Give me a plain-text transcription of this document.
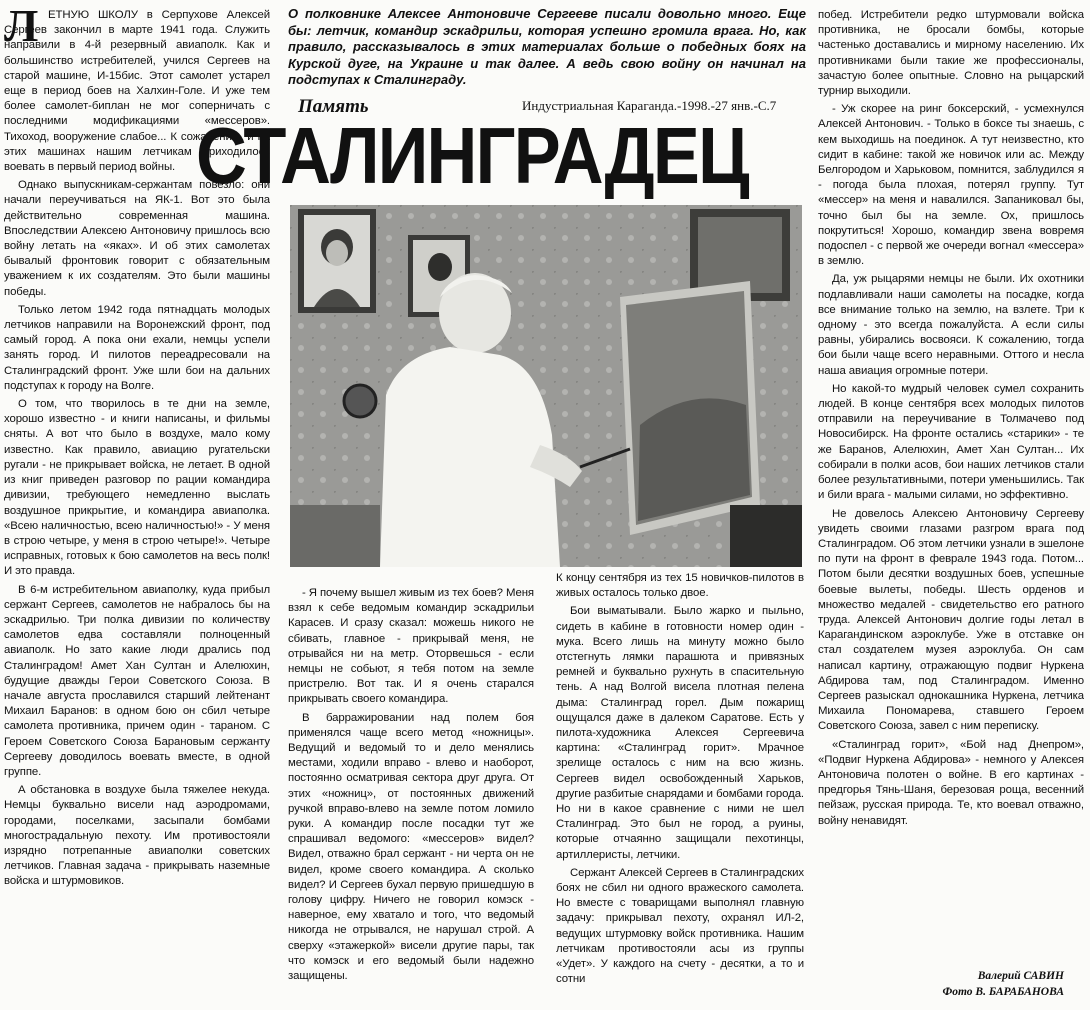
Л ЕТНУЮ ШКОЛУ в Серпухове Алексей Сергеев закончил в марте 1941 года. Служить направили в 4-й резервный авиаполк. Как и большинство истребителей, учился Сергеев на старой машине, И-15бис. Этот самолет устарел еще в период боев на Халхин-Голе. И уже тем более самолет-биплан не мог соперничать с последними модификациями «мессеров». Тихоход, вооружение слабое... К сожалению, и на этих машинах нашим летчикам приходилось воевать в первый период войны.

Однако выпускникам-сержантам повезло: они начали переучиваться на ЯК-1. Вот это была действительно современная машина. Впоследствии Алексею Антоновичу пришлось всю войну летать на «яках». И об этих самолетах бывалый фронтовик говорит с обязательным уважением к их создателям. Это были машины победы.

Только летом 1942 года пятнадцать молодых летчиков направили на Воронежский фронт, под самый город. А пока они ехали, немцы успели занять город. И пилотов переадресовали на Сталинградский фронт. Уже шли бои на дальних подступах к городу на Волге.

О том, что творилось в те дни на земле, хорошо известно - и книги написаны, и фильмы сняты. А вот что было в воздухе, мало кому известно. Как правило, авиацию ругательски ругали - не прикрывает войска, не летает. В одной из книг приведен разговор по рации командира дивизии, требующего немедленно выслать воздушное прикрытие, и командира авиаполка. «Всею наличностью, всею наличностью!» - У меня в строю четыре, у меня в строю четыре!». Четыре исправных, готовых к бою самолетов на весь полк! И это правда.

В 6-м истребительном авиаполку, куда прибыл сержант Сергеев, самолетов не набралось бы на эскадрилью. Три полка дивизии по количеству самолетов едва составляли полноценный авиаполк. Но зато какие люди дрались под Сталинградом! Амет Хан Султан и Алелюхин, будущие дважды Герои Советского Союза. В начале августа прославился старший лейтенант Михаил Баранов: в одном бою он сбил четыре самолета противника, причем один - тараном. С Героем Советского Союза Барановым сержанту Сергееву доводилось воевать вместе, в одной группе.

А обстановка в воздухе была тяжелее некуда. Немцы буквально висели над аэродромами, городами, поселками, засыпали бомбами многострадальную пехоту. Им противостояли изрядно потрепанные авиаполки советских летчиков. Главная задача - прикрывать наземные войска и штурмовиков.

О полковнике Алексее Антоновиче Сергееве писали довольно много. Еще бы: летчик, командир эскадрильи, которая успешно громила врага. Но, как правило, рассказывалось в этих материалах больше о победных боях на Курской дуге, на Украине и так далее. А ведь свою войну он начинал на подступах к Сталинграду.
Память	Индустриальная Караганда.-1998.-27 янв.-С.7
СТАЛИНГРАДЕЦ

- Я почему вышел живым из тех боев? Меня взял к себе ведомым командир эскадрильи Карасев. И сразу сказал: можешь никого не сбивать, главное - прикрывай меня, не отрывайся ни на метр. Оторвешься - если немцы не собьют, я тебя потом на земле пристрелю. Вот так. И я очень старался прикрывать своего командира.

В барражировании над полем боя применялся чаще всего метод «ножницы». Ведущий и ведомый то и дело менялись местами, ходили вправо - влево и наоборот, постоянно осматривая сектора друг друга. От этих «ножниц», от постоянных движений ручкой вправо-влево на земле потом ломило руки. А командир после посадки тут же спрашивал ведомого: «мессеров» видел? Видел, отважно брал сержант - ни черта он не видел, кроме своего командира. А сколько видел? И Сергеев бухал первую пришедшую в голову цифру. Ничего не говорил комэск - наверное, ему хватало и того, что ведомый никогда не отрывался, не нарушал строй. А сверху «этажеркой» висели другие пары, так что комэск и его ведомый были надежно защищены.

К концу сентября из тех 15 новичков-пилотов в живых осталось только двое.

Бои выматывали. Было жарко и пыльно, сидеть в кабине в готовности номер один - мука. Всего лишь на минуту можно было отстегнуть лямки парашюта и привязных ремней и буквально рухнуть в спасительную тень. А над Волгой висела плотная пелена дыма: Сталинград горел. Дым пожарищ ощущался даже в далеком Саратове. Есть у пилота-художника Алексея Сергеевича картина: «Сталинград горит». Мрачное зрелище осталось с ним на всю жизнь. Сергеев видел освобожденный Харьков, другие разбитые снарядами и бомбами города. Но ни в какое сравнение с ними не шел Сталинград. Это был не город, а руины, которые отчаянно защищали пехотинцы, артиллеристы, летчики.

Сержант Алексей Сергеев в Сталинградских боях не сбил ни одного вражеского самолета. Но вместе с товарищами выполнял главную задачу: прикрывал пехоту, охранял ИЛ-2, ведущих штурмовку войск противника. Нашим летчикам противостояли асы из группы «Удет». У каждого на счету - десятки, а то и сотни

побед. Истребители редко штурмовали войска противника, не бросали бомбы, которые частенько доставались и мирному населению. Их противниками были такие же профессионалы, зачастую более опытные. Словно на рыцарский турнир выходили.

- Уж скорее на ринг боксерский, - усмехнулся Алексей Антонович. - Только в боксе ты знаешь, с кем выходишь на поединок. А тут неизвестно, кто сидит в кабине: такой же новичок или ас. Между Белгородом и Харьковом, помнится, заблудился я - погода была плохая, потерял группу. Тут «мессер» на меня и навалился. Запаниковал бы, точно был бы на земле. Ох, пришлось покрутиться! Хорошо, командир звена вовремя подоспел - с первой же очереди вогнал «мессера» в землю.

Да, уж рыцарями немцы не были. Их охотники подлавливали наши самолеты на посадке, когда все внимание только на землю, на взлете. Три к одному - это всегда пожалуйста. А если силы равны, убирались восвояси. К сожалению, тогда бои были чаще всего неравными. Оттого и несла наша авиация огромные потери.

Но какой-то мудрый человек сумел сохранить людей. В конце сентября всех молодых пилотов отправили на переучивание в Толмачево под Новосибирск. На фронте остались «старики» - те же Баранов, Алелюхин, Амет Хан Султан... Их собирали в полки асов, бои наших летчиков стали более результативными, потери уменьшились. Так и били врага - малыми силами, но эффективно.

Не довелось Алексею Антоновичу Сергееву увидеть своими глазами разгром врага под Сталинградом. Об этом летчики узнали в эшелоне по пути на фронт в феврале 1943 года. Потом... Потом были десятки воздушных боев, успешные боевые вылеты, победы. Шесть орденов и множество медалей - свидетельство его ратного труда. Алексей Антонович долгие годы летал в Карагандинском аэроклубе. Уже в отставке он стал создателем музея аэроклуба. Он сам написал картину, отражающую подвиг Нуркена Абдирова там, под Сталинградом. Именно Сергеев разыскал однокашника Нуркена, летчика Михаила Пономарева, ставшего Героем Советского Союза, завел с ним переписку.

«Сталинград горит», «Бой над Днепром», «Подвиг Нуркена Абдирова» - немного у Алексея Антоновича полотен о войне. В его картинах - предгорья Тянь-Шаня, березовая роща, весенний пейзаж, русская природа. Те, кто воевал отважно, войну ненавидят.

Валерий САВИН
Фото В. БАРАБАНОВА
